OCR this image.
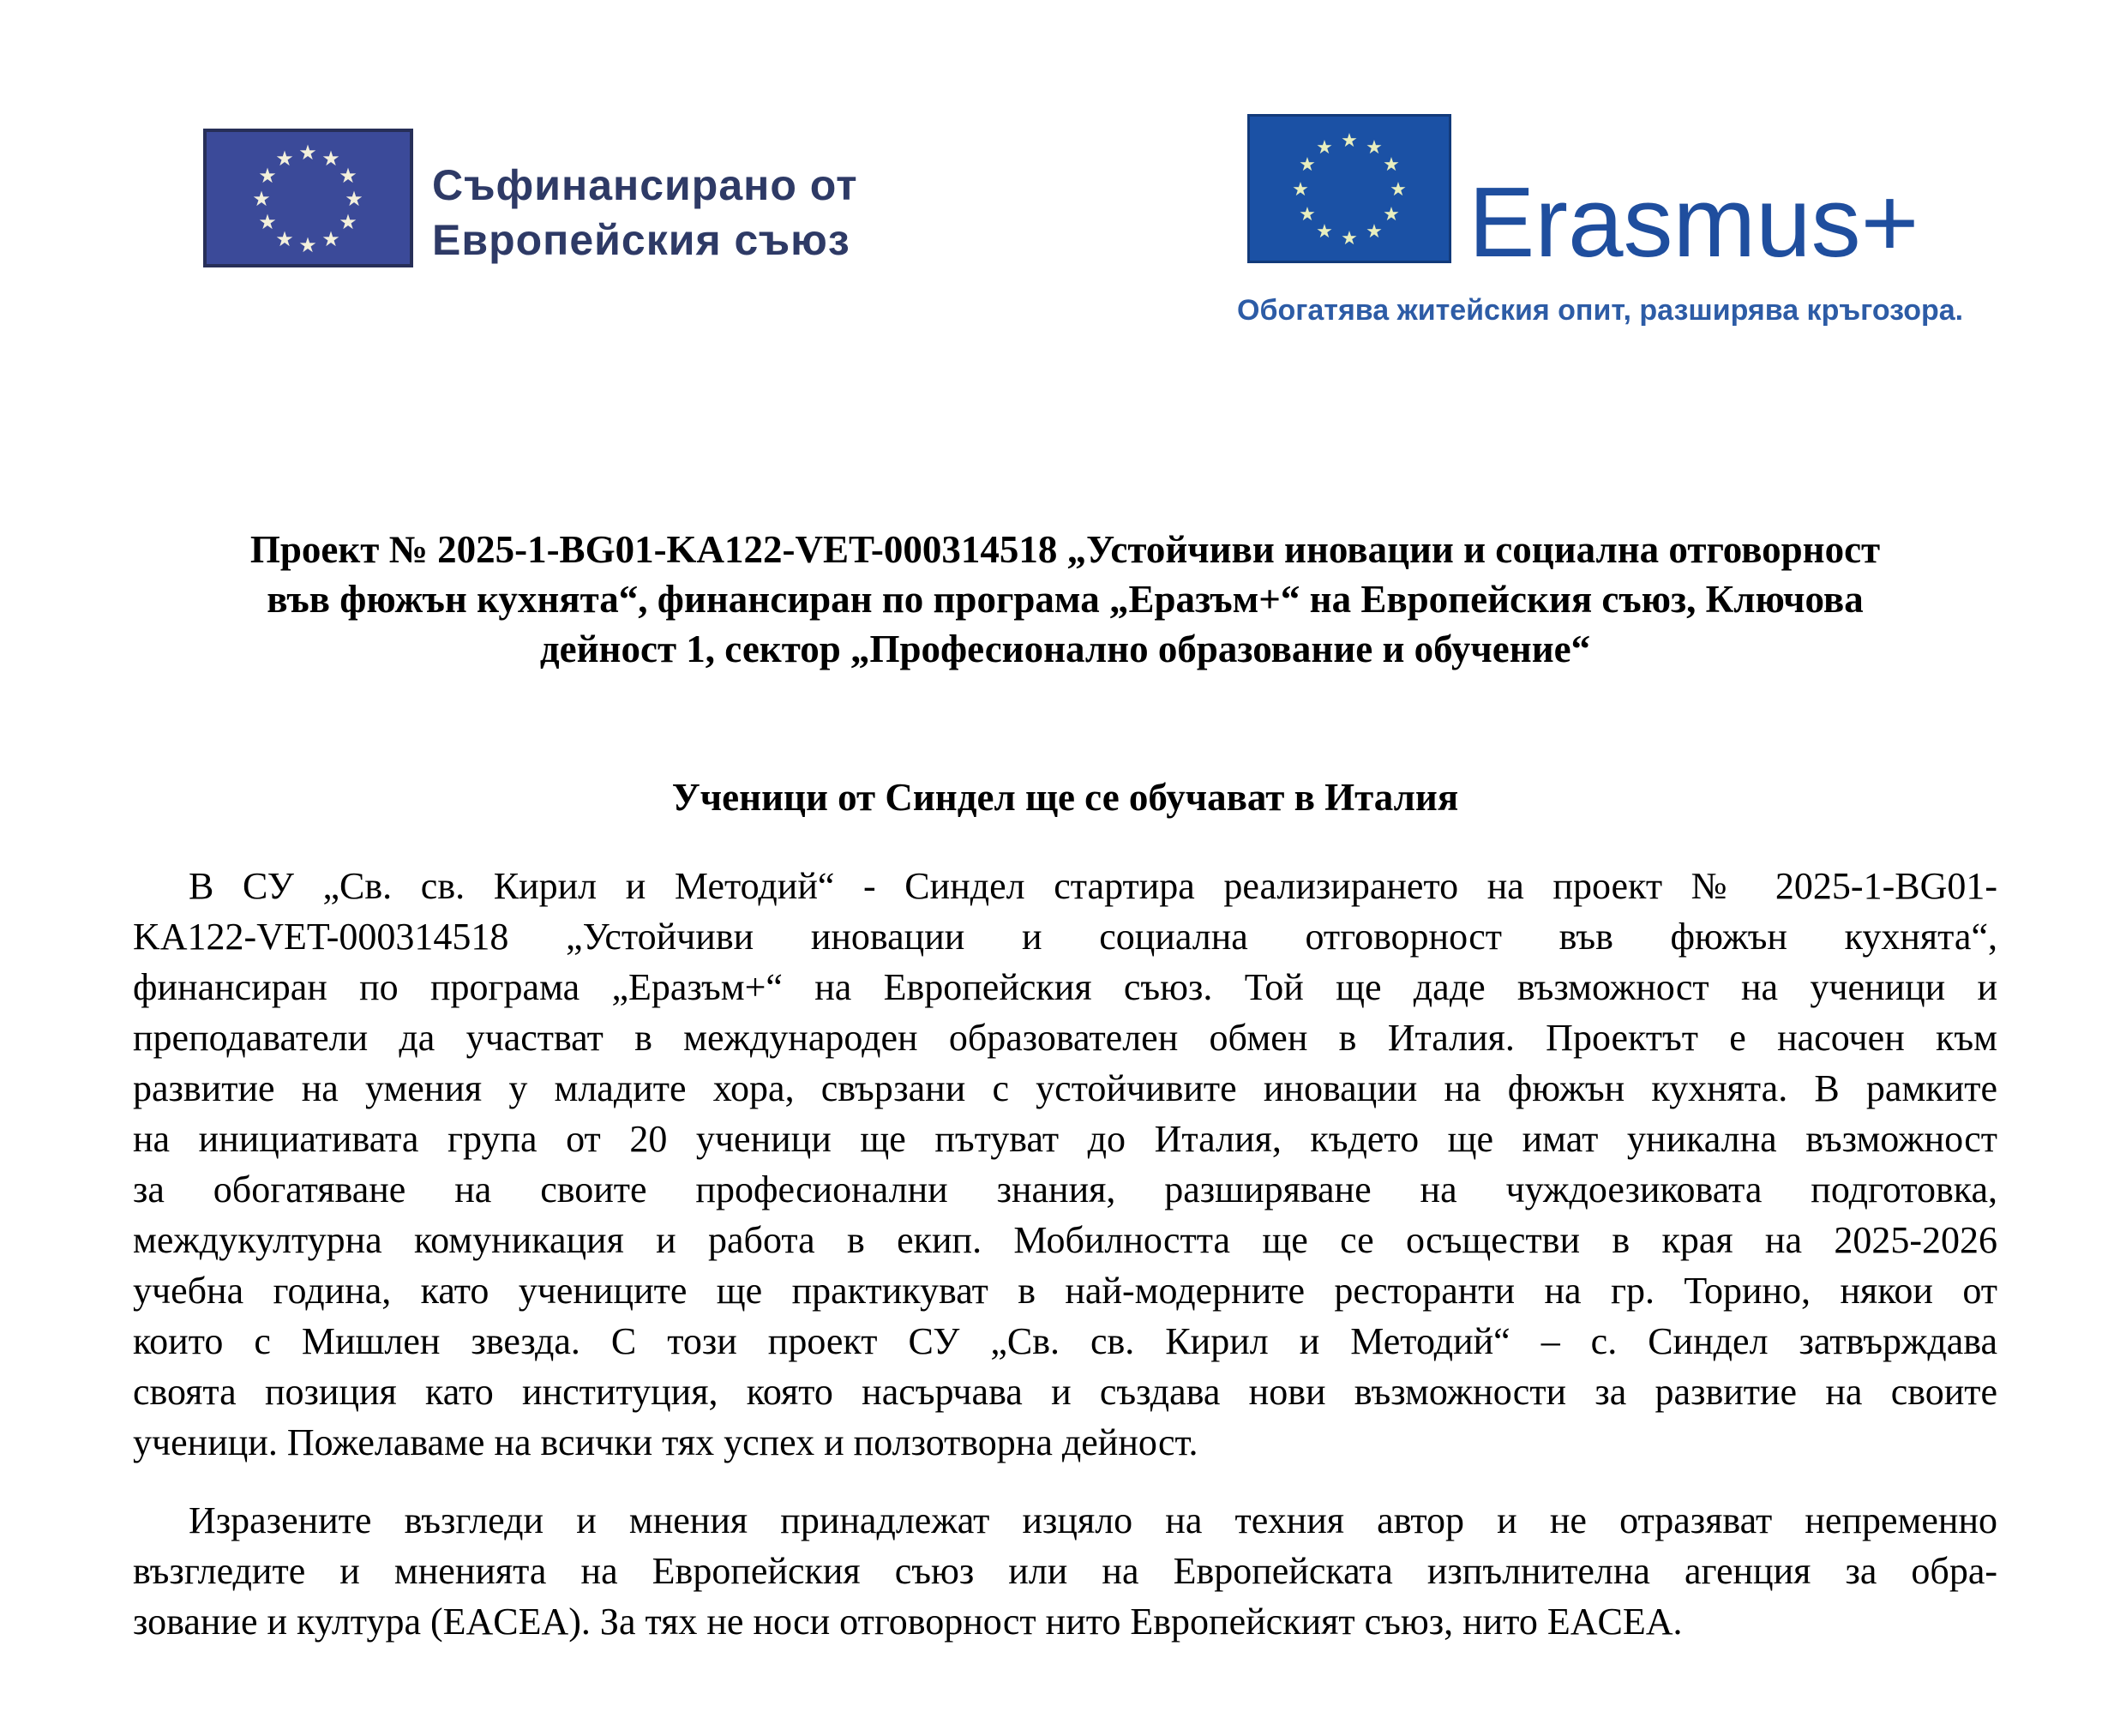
★ ★
★
★
★
★
★
★
★
★
★
★
Съфинансирано от
Европейския съюз
★ ★
★
★
★
★
★
★
★
★
★
★
Erasmus+
Обогатява житейския опит, разширява кръгозора.
Проект № 2025-1-BG01-KA122-VET-000314518 „Устойчиви иновации и социална отговорност
във фюжън кухнята“, финансиран по програма „Еразъм+“ на Европейския съюз, Ключова
дейност 1, сектор „Професионално образование и обучение“
Ученици от Синдел ще се обучават в Италия
В СУ „Св. св. Кирил и Методий“ - Синдел стартира реализирането на проект № 2025-1-BG01-
KA122-VET-000314518 „Устойчиви иновации и социална отговорност във фюжън кухнята“,
финансиран по програма „Еразъм+“ на Европейския съюз. Той ще даде възможност на ученици и
преподаватели да участват в международен образователен обмен в Италия. Проектът е насочен към
развитие на умения у младите хора, свързани с устойчивите иновации на фюжън кухнята. В рамките
на инициативата група от 20 ученици ще пътуват до Италия, където ще имат уникална възможност
за обогатяване на своите професионални знания, разширяване на чуждоезиковата подготовка,
междукултурна комуникация и работа в екип. Мобилността ще се осъществи в края на 2025-2026
учебна година, като учениците ще практикуват в най-модерните ресторанти на гр. Торино, някои от
които с Мишлен звезда. С този проект СУ „Св. св. Кирил и Методий“ – с. Синдел затвърждава
своята позиция като институция, която насърчава и създава нови възможности за развитие на своите
ученици. Пожелаваме на всички тях успех и ползотворна дейност.
Изразените възгледи и мнения принадлежат изцяло на техния автор и не отразяват непременно
възгледите и мненията на Европейския съюз или на Европейската изпълнителна агенция за обра-
зование и култура (EACEA). За тях не носи отговорност нито Европейският съюз, нито EACEA.
